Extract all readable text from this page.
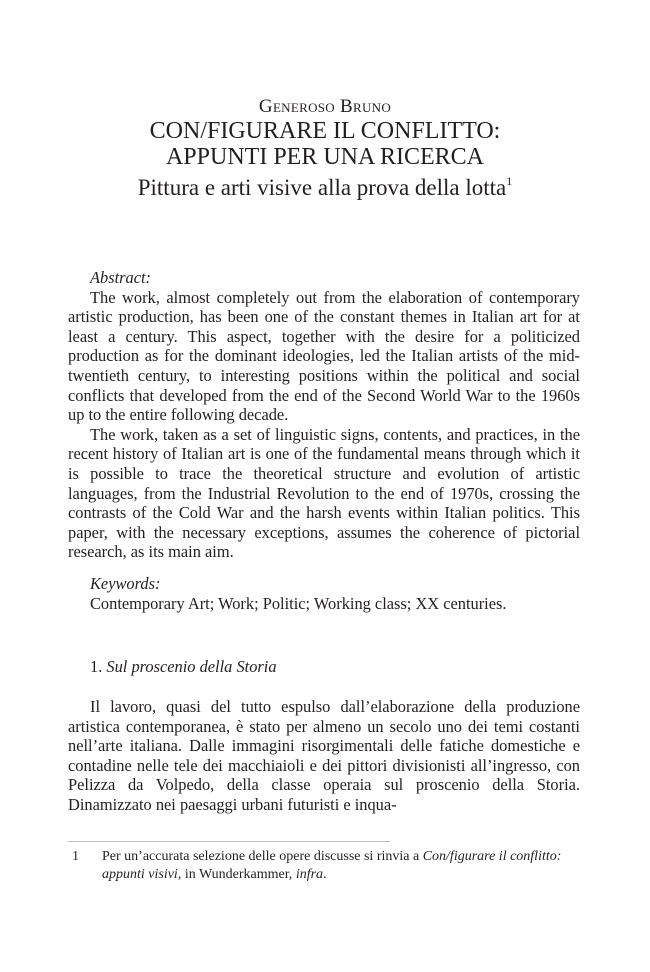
Generoso Bruno
CON/FIGURARE IL CONFLITTO:
APPUNTI PER UNA RICERCA
Pittura e arti visive alla prova della lotta$^1$

Abstract:

The work, almost completely out from the elaboration of contemporary artistic production, has been one of the constant themes in Italian art for at least a century. This aspect, together with the desire for a politicized production as for the dominant ideologies, led the Italian artists of the mid-twentieth century, to interesting positions within the political and social conflicts that developed from the end of the Second World War to the 1960s up to the entire following decade.

The work, taken as a set of linguistic signs, contents, and practices, in the recent history of Italian art is one of the fundamental means through which it is possible to trace the theoretical structure and evolution of artistic languages, from the Industrial Revolution to the end of 1970s, crossing the contrasts of the Cold War and the harsh events within Italian politics. This paper, with the necessary exceptions, assumes the coherence of pictorial research, as its main aim.

Keywords:

Contemporary Art; Work; Politic; Working class; XX centuries.

1. Sul proscenio della Storia

Il lavoro, quasi del tutto espulso dall’elaborazione della produzione artistica contemporanea, è stato per almeno un secolo uno dei temi costanti nell’arte italiana. Dalle immagini risorgimentali delle fatiche domestiche e contadine nelle tele dei macchiaioli e dei pittori divisionisti all’ingresso, con Pelizza da Volpedo, della classe operaia sul proscenio della Storia. Dinamizzato nei paesaggi urbani futuristi e inqua-

1 Per un’accurata selezione delle opere discusse si rinvia a Con/figurare il conflitto: appunti visivi, in Wunderkammer, infra.
